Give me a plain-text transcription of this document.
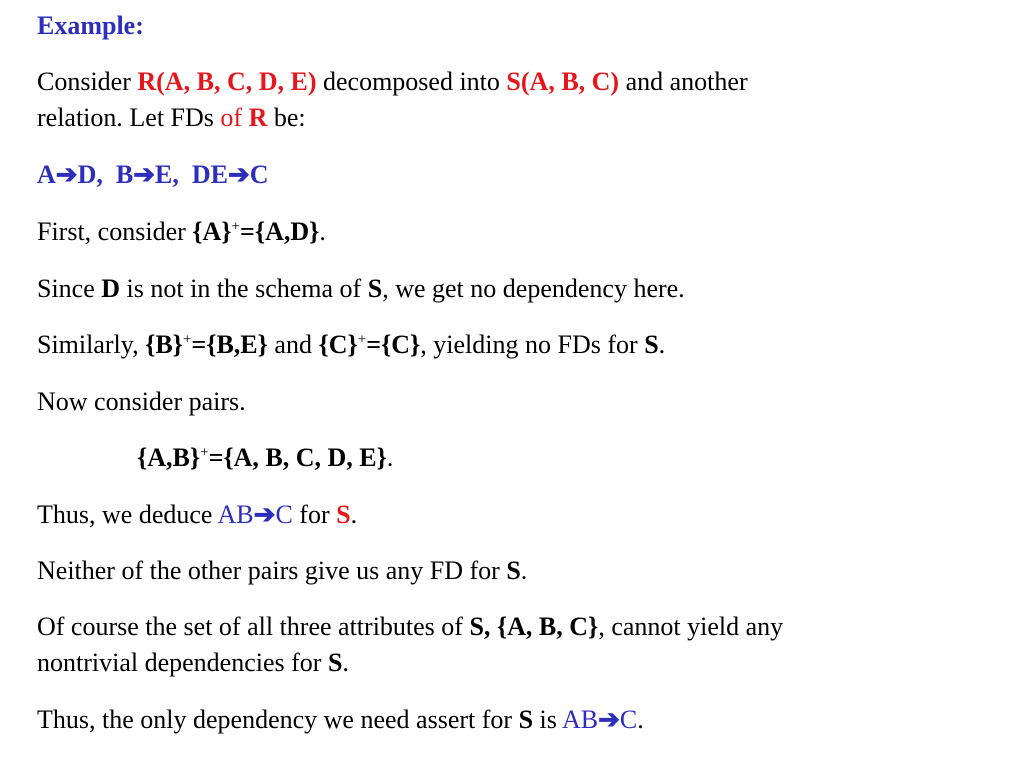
Example:
Consider R(A, B, C, D, E) decomposed into S(A, B, C) and another
relation. Let FDs of R be:
A➔D, B➔E, DE➔C
First, consider {A}+={A,D}.
Since D is not in the schema of S, we get no dependency here.
Similarly, {B}+={B,E} and {C}+={C}, yielding no FDs for S.
Now consider pairs.
{A,B}+={A, B, C, D, E}.
Thus, we deduce AB➔C for S.
Neither of the other pairs give us any FD for S.
Of course the set of all three attributes of S, {A, B, C}, cannot yield any
nontrivial dependencies for S.
Thus, the only dependency we need assert for S is AB➔C.
